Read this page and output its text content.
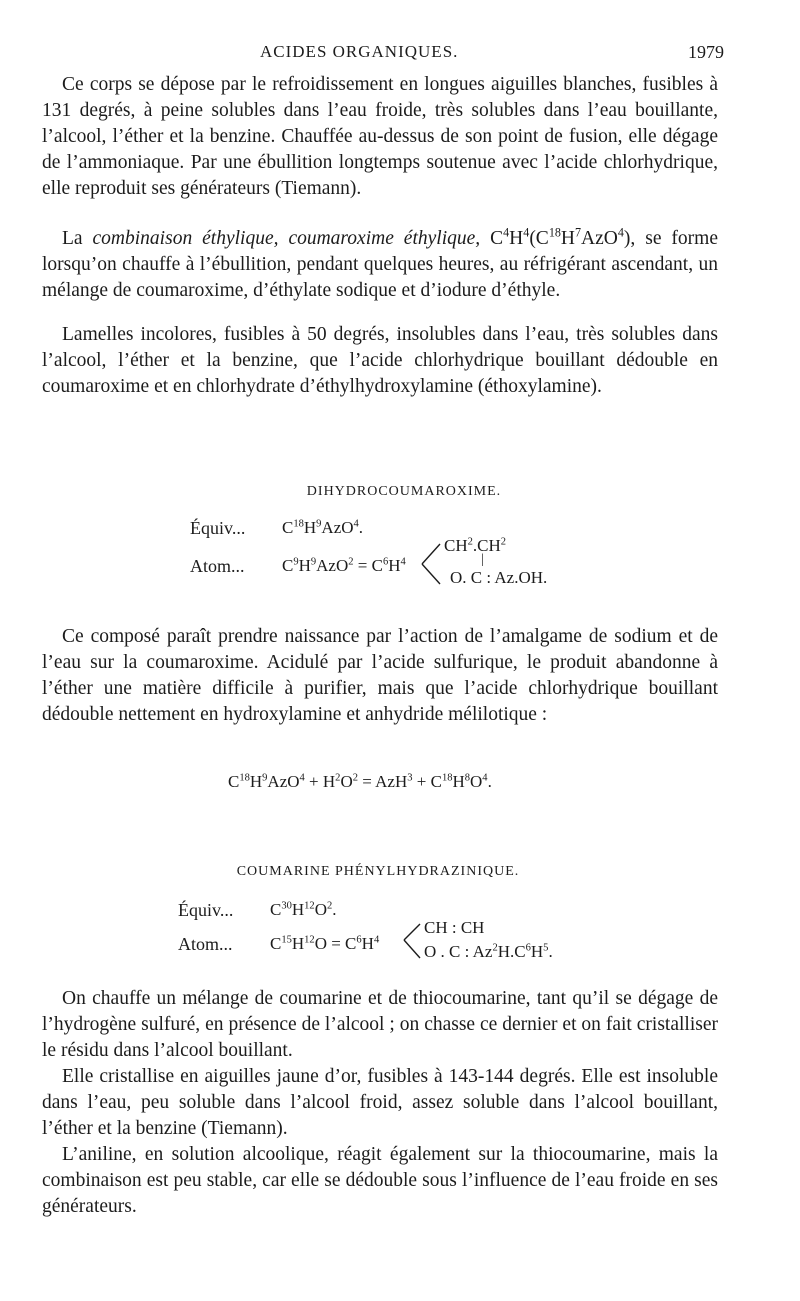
ACIDES ORGANIQUES.	1979

Ce corps se dépose par le refroidissement en longues aiguilles blanches, fusibles à 131 degrés, à peine solubles dans l’eau froide, très solubles dans l’eau bouillante, l’alcool, l’éther et la benzine. Chauffée au-dessus de son point de fusion, elle dégage de l’ammoniaque. Par une ébullition longtemps soutenue avec l’acide chlorhydrique, elle reproduit ses générateurs (Tiemann).

La combinaison éthylique, coumaroxime éthylique, $C^4H^4(C^{18}H^7AzO^4)$, se forme lorsqu’on chauffe à l’ébullition, pendant quelques heures, au réfrigérant ascendant, un mélange de coumaroxime, d’éthylate sodique et d’iodure d’éthyle.

Lamelles incolores, fusibles à 50 degrés, insolubles dans l’eau, très solubles dans l’alcool, l’éther et la benzine, que l’acide chlorhydrique bouillant dédouble en coumaroxime et en chlorhydrate d’éthylhydroxylamine (éthoxylamine).

DIHYDROCOUMAROXIME.
Équiv... $C^{18}H^9AzO^4$.
Atom... $C^9H^9AzO^2 = C^6H^4$
$CH^2.CH^2$
|
O. C : Az.OH.

Ce composé paraît prendre naissance par l’action de l’amalgame de sodium et de l’eau sur la coumaroxime. Acidulé par l’acide sulfurique, le produit abandonne à l’éther une matière difficile à purifier, mais que l’acide chlorhydrique bouillant dédouble nettement en hydroxylamine et anhydride mélilotique :

$C^{18}H^9AzO^4 + H^2O^2 = AzH^3 + C^{18}H^8O^4$.
COUMARINE PHÉNYLHYDRAZINIQUE.
Équiv... $C^{30}H^{12}O^2$.
Atom... $C^{15}H^{12}O = C^6H^4$
CH : CH
O . C : $Az^2H.C^6H^5$.

On chauffe un mélange de coumarine et de thiocoumarine, tant qu’il se dégage de l’hydrogène sulfuré, en présence de l’alcool ; on chasse ce dernier et on fait cristalliser le résidu dans l’alcool bouillant.

Elle cristallise en aiguilles jaune d’or, fusibles à 143-144 degrés. Elle est insoluble dans l’eau, peu soluble dans l’alcool froid, assez soluble dans l’alcool bouillant, l’éther et la benzine (Tiemann).

L’aniline, en solution alcoolique, réagit également sur la thiocoumarine, mais la combinaison est peu stable, car elle se dédouble sous l’influence de l’eau froide en ses générateurs.
